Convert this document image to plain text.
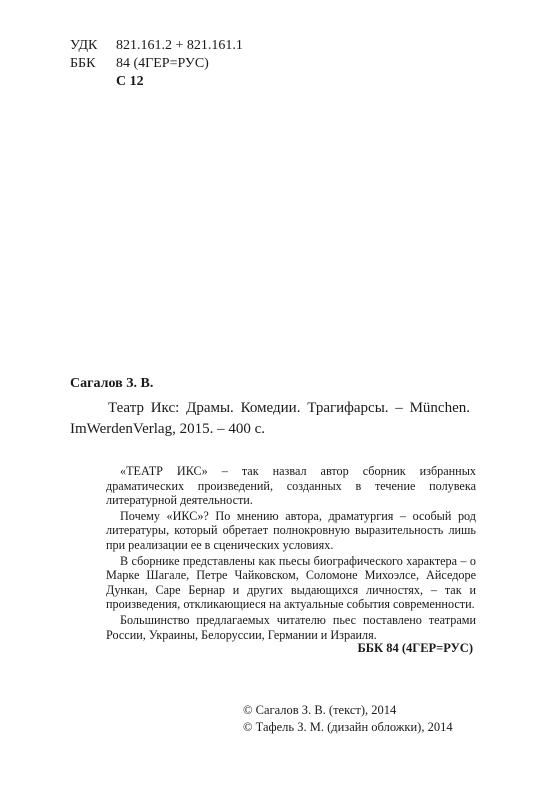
УДК	821.161.2 + 821.161.1
ББК	84 (4ГЕР=РУС)
С 12
Сагалов З. В.
Театр Икс: Драмы. Комедии. Трагифарсы. – München. ImWerdenVerlag, 2015. – 400 с.

«ТЕАТР ИКС» – так назвал автор сборник избранных драматических произведений, созданных в течение полувека литературной деятельности.

Почему «ИКС»? По мнению автора, драматургия – особый род литературы, который обретает полнокровную выразительность лишь при реализации ее в сценических условиях.

В сборнике представлены как пьесы биографического характера – о Марке Шагале, Петре Чайковском, Соломоне Михоэлсе, Айседоре Дункан, Саре Бернар и других выдающихся личностях, – так и произведения, откликающиеся на актуальные события современности.

Большинство предлагаемых читателю пьес поставлено театрами России, Украины, Белоруссии, Германии и Израиля.

ББК 84 (4ГЕР=РУС)
© Сагалов З. В. (текст), 2014
© Тафель З. М. (дизайн обложки), 2014
